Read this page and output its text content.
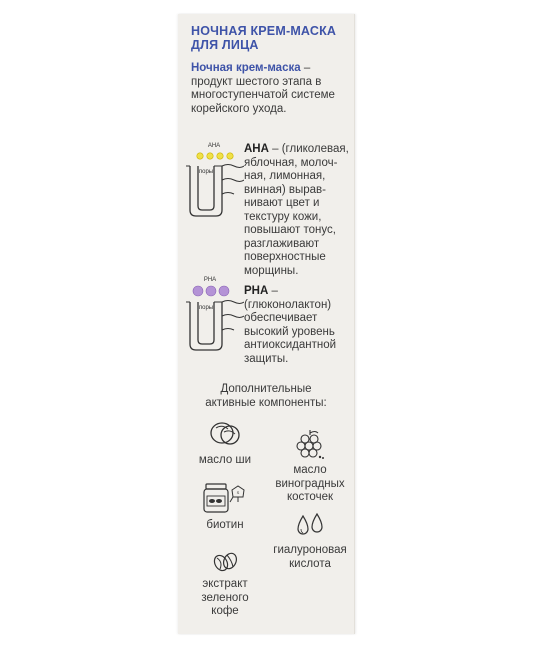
НОЧНАЯ КРЕМ-МАСКА
ДЛЯ ЛИЦА
Ночная крем-маска – продукт шестого этапа в многоступенчатой системе корейского ухода.
АНА
поры
AHA – (гликолевая, яблочная, молоч-ная, лимонная, винная) вырав-нивают цвет и текстуру кожи, повышают тонус, разглаживают поверхностные морщины.
PHA
поры
PHA – (глюконолактон) обеспечивает высокий уровень антиоксидантной защиты.
Дополнительные
активные компоненты:
масло ши
масло виноградных косточек
S
биотин
гиалуроновая кислота
экстракт зеленого кофе
